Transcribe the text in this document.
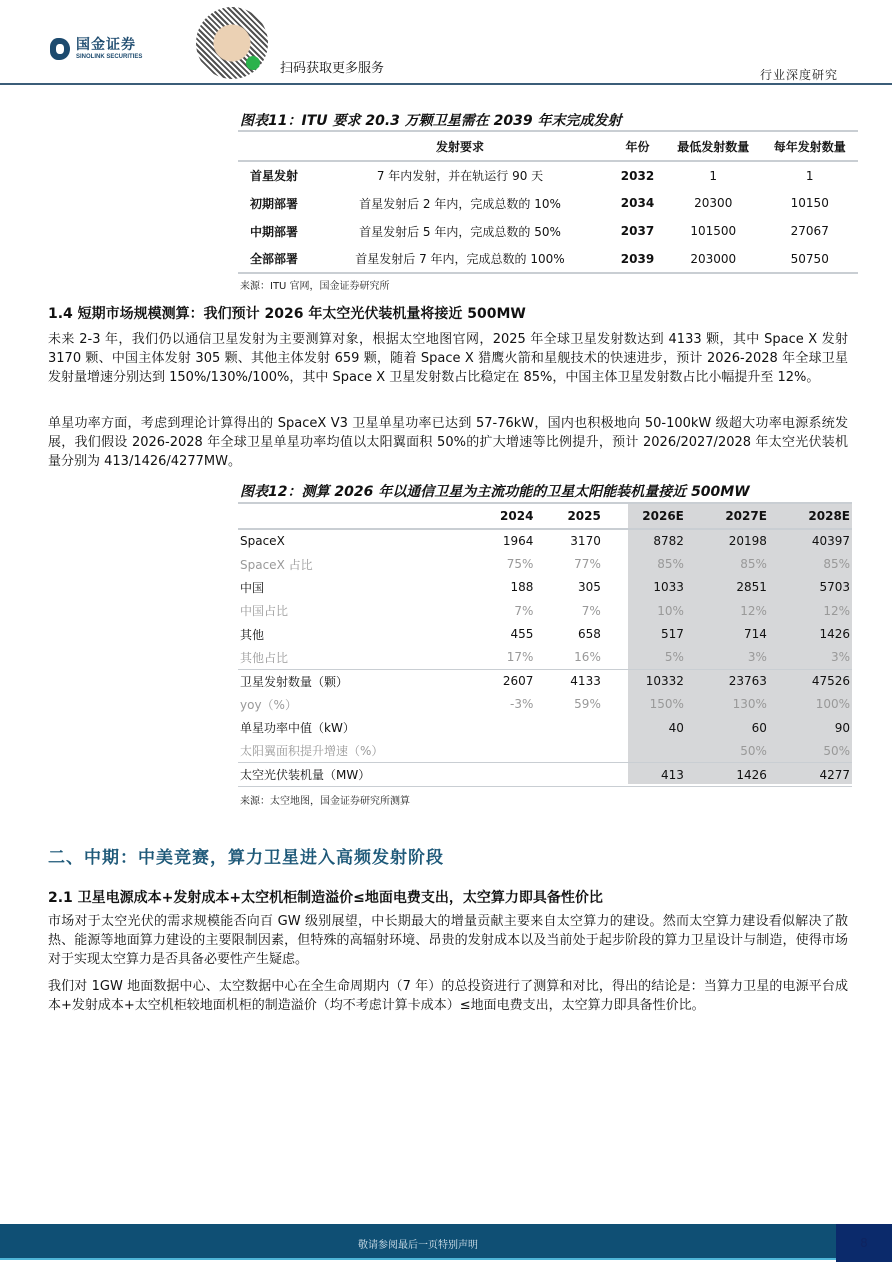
国金证券
SINOLINK SECURITIES
扫码获取更多服务	行业深度研究
图表11：ITU 要求 20.3 万颗卫星需在 2039 年末完成发射
	发射要求	年份	最低发射数量	每年发射数量
首星发射	7 年内发射，并在轨运行 90 天	2032	1	1
初期部署	首星发射后 2 年内，完成总数的 10%	2034	20300	10150
中期部署	首星发射后 5 年内，完成总数的 50%	2037	101500	27067
全部部署	首星发射后 7 年内，完成总数的 100%	2039	203000	50750
来源：ITU 官网，国金证券研究所
1.4 短期市场规模测算：我们预计 2026 年太空光伏装机量将接近 500MW
未来 2-3 年，我们仍以通信卫星发射为主要测算对象，根据太空地图官网，2025 年全球卫星发射数达到 4133 颗，其中 Space X 发射 3170 颗、中国主体发射 305 颗、其他主体发射 659 颗，随着 Space X 猎鹰火箭和星舰技术的快速进步，预计 2026-2028 年全球卫星发射量增速分别达到 150%/130%/100%，其中 Space X 卫星发射数占比稳定在 85%，中国主体卫星发射数占比小幅提升至 12%。
单星功率方面，考虑到理论计算得出的 SpaceX V3 卫星单星功率已达到 57-76kW，国内也积极地向 50-100kW 级超大功率电源系统发展，我们假设 2026-2028 年全球卫星单星功率均值以太阳翼面积 50%的扩大增速等比例提升，预计 2026/2027/2028 年太空光伏装机量分别为 413/1426/4277MW。
图表12：测算 2026 年以通信卫星为主流功能的卫星太阳能装机量接近 500MW
	2024	2025	2026E	2027E	2028E
SpaceX	1964	3170	8782	20198	40397
SpaceX 占比	75%	77%	85%	85%	85%
中国	188	305	1033	2851	5703
中国占比	7%	7%	10%	12%	12%
其他	455	658	517	714	1426
其他占比	17%	16%	5%	3%	3%
卫星发射数量（颗）	2607	4133	10332	23763	47526
yoy（%）	-3%	59%	150%	130%	100%
单星功率中值（kW）			40	60	90
太阳翼面积提升增速（%）				50%	50%
太空光伏装机量（MW）			413	1426	4277
来源：太空地图，国金证券研究所测算
二、中期：中美竞赛，算力卫星进入高频发射阶段
2.1 卫星电源成本+发射成本+太空机柜制造溢价≤地面电费支出，太空算力即具备性价比
市场对于太空光伏的需求规模能否向百 GW 级别展望，中长期最大的增量贡献主要来自太空算力的建设。然而太空算力建设看似解决了散热、能源等地面算力建设的主要限制因素，但特殊的高辐射环境、昂贵的发射成本以及当前处于起步阶段的算力卫星设计与制造，使得市场对于实现太空算力是否具备必要性产生疑虑。
我们对 1GW 地面数据中心、太空数据中心在全生命周期内（7 年）的总投资进行了测算和对比，得出的结论是：当算力卫星的电源平台成本+发射成本+太空机柜较地面机柜的制造溢价（均不考虑计算卡成本）≤地面电费支出，太空算力即具备性价比。
敬请参阅最后一页特别声明	8
